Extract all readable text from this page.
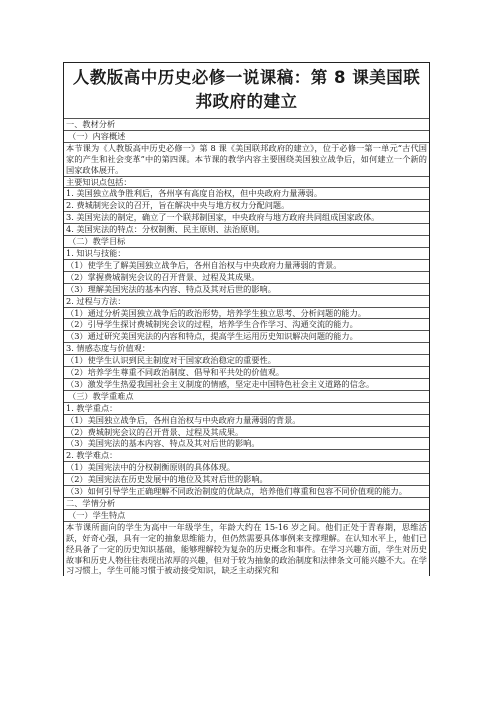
人教版高中历史必修一说课稿：第 8 课美国联邦政府的建立
一、教材分析
（一）内容概述
本节课为《人教版高中历史必修一》第 8 课《美国联邦政府的建立》，位于必修一第一单元“古代国家的产生和社会变革”中的第四课。本节课的教学内容主要围绕美国独立战争后，如何建立一个新的国家政体展开。
主要知识点包括：
1. 美国独立战争胜利后，各州享有高度自治权，但中央政府力量薄弱。
2. 费城制宪会议的召开，旨在解决中央与地方权力分配问题。
3. 美国宪法的制定，确立了一个联邦制国家，中央政府与地方政府共同组成国家政体。
4. 美国宪法的特点：分权制衡、民主原则、法治原则。
（二）教学目标
1. 知识与技能：
（1）使学生了解美国独立战争后，各州自治权与中央政府力量薄弱的背景。
（2）掌握费城制宪会议的召开背景、过程及其成果。
（3）理解美国宪法的基本内容、特点及其对后世的影响。
2. 过程与方法：
（1）通过分析美国独立战争后的政治形势，培养学生独立思考、分析问题的能力。
（2）引导学生探讨费城制宪会议的过程，培养学生合作学习、沟通交流的能力。
（3）通过研究美国宪法的内容和特点，提高学生运用历史知识解决问题的能力。
3. 情感态度与价值观：
（1）使学生认识到民主制度对于国家政治稳定的重要性。
（2）培养学生尊重不同政治制度、倡导和平共处的价值观。
（3）激发学生热爱我国社会主义制度的情感，坚定走中国特色社会主义道路的信念。
（三）教学重难点
1. 教学重点：
（1）美国独立战争后，各州自治权与中央政府力量薄弱的背景。
（2）费城制宪会议的召开背景、过程及其成果。
（3）美国宪法的基本内容、特点及其对后世的影响。
2. 教学难点：
（1）美国宪法中的分权制衡原则的具体体现。
（2）美国宪法在历史发展中的地位及其对后世的影响。
（3）如何引导学生正确理解不同政治制度的优缺点，培养他们尊重和包容不同价值观的能力。
二、学情分析
（一）学生特点
本节课所面向的学生为高中一年级学生，年龄大约在 15-16 岁之间。他们正处于青春期，思维活跃，好奇心强，具有一定的抽象思维能力，但仍然需要具体事例来支撑理解。在认知水平上，他们已经具备了一定的历史知识基础，能够理解较为复杂的历史概念和事件。在学习兴趣方面，学生对历史故事和历史人物往往表现出浓厚的兴趣，但对于较为抽象的政治制度和法律条文可能兴趣不大。在学习习惯上，学生可能习惯于被动接受知识，缺乏主动探究和
